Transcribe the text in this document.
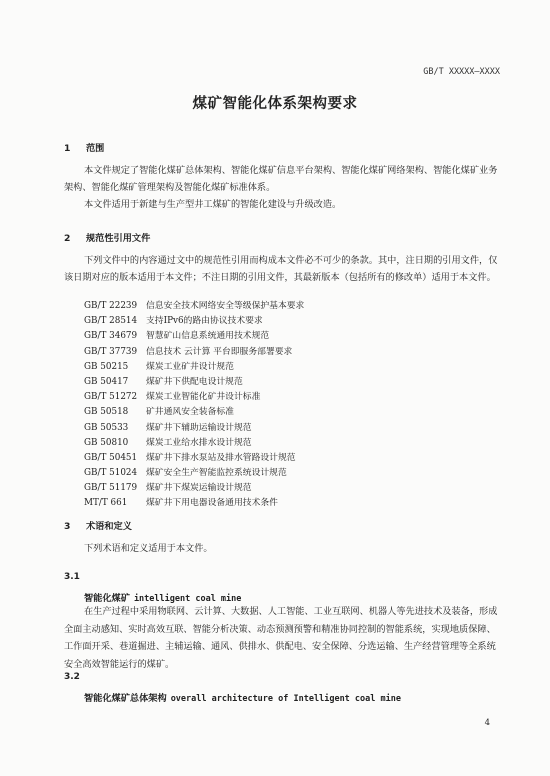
GB/T XXXXX—XXXX
煤矿智能化体系架构要求
1 范围

本文件规定了智能化煤矿总体架构、智能化煤矿信息平台架构、智能化煤矿网络架构、智能化煤矿业务架构、智能化煤矿管理架构及智能化煤矿标准体系。

本文件适用于新建与生产型井工煤矿的智能化建设与升级改造。

2 规范性引用文件

下列文件中的内容通过文中的规范性引用而构成本文件必不可少的条款。其中，注日期的引用文件，仅该日期对应的版本适用于本文件；不注日期的引用文件，其最新版本（包括所有的修改单）适用于本文件。

GB/T 22239 信息安全技术网络安全等级保护基本要求
GB/T 28514 支持IPv6的路由协议技术要求
GB/T 34679 智慧矿山信息系统通用技术规范
GB/T 37739 信息技术 云计算 平台即服务部署要求
GB 50215 煤炭工业矿井设计规范
GB 50417 煤矿井下供配电设计规范
GB/T 51272 煤炭工业智能化矿井设计标准
GB 50518 矿井通风安全装备标准
GB 50533 煤矿井下辅助运输设计规范
GB 50810 煤炭工业给水排水设计规范
GB/T 50451 煤矿井下排水泵站及排水管路设计规范
GB/T 51024 煤矿安全生产智能监控系统设计规范
GB/T 51179 煤矿井下煤炭运输设计规范
MT/T 661 煤矿井下用电器设备通用技术条件
3 术语和定义

下列术语和定义适用于本文件。

3.1
智能化煤矿 intelligent coal mine

在生产过程中采用物联网、云计算、大数据、人工智能、工业互联网、机器人等先进技术及装备，形成全面主动感知、实时高效互联、智能分析决策、动态预测预警和精准协同控制的智能系统，实现地质保障、工作面开采、巷道掘进、主辅运输、通风、供排水、供配电、安全保障、分选运输、生产经营管理等全系统安全高效智能运行的煤矿。

3.2
智能化煤矿总体架构 overall architecture of Intelligent coal mine
4
